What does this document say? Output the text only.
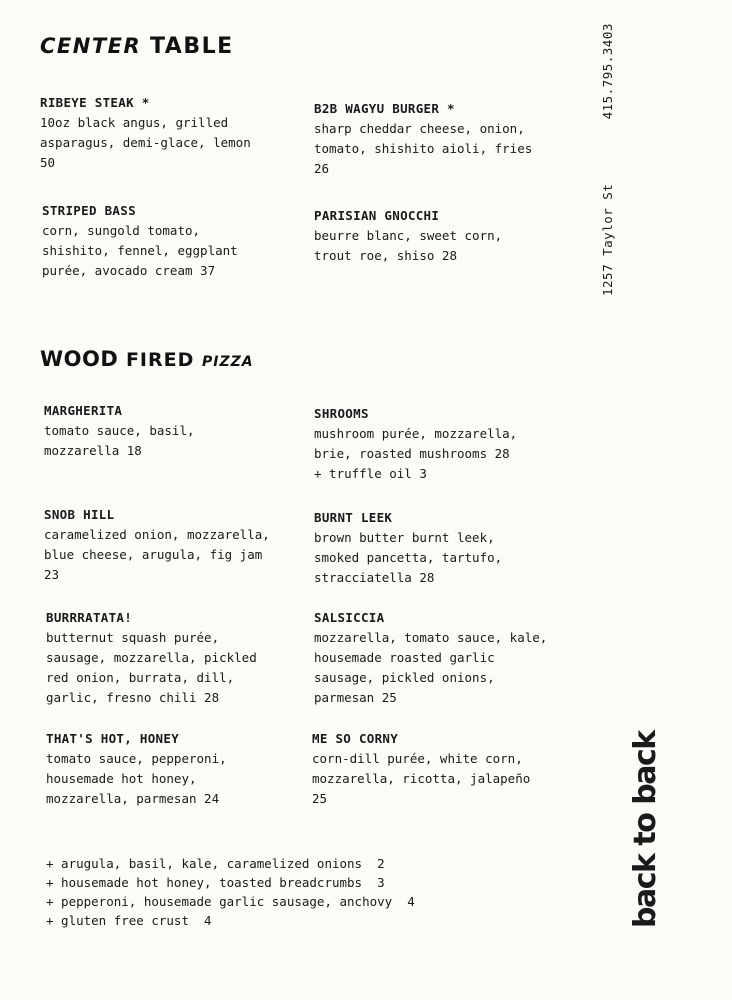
CENTER TABLE
RIBEYE STEAK *
10oz black angus, grilled
asparagus, demi-glace, lemon
50
B2B WAGYU BURGER *
sharp cheddar cheese, onion,
tomato, shishito aioli, fries
26
STRIPED BASS
corn, sungold tomato,
shishito, fennel, eggplant
purée, avocado cream 37
PARISIAN GNOCCHI
beurre blanc, sweet corn,
trout roe, shiso 28
WOOD FIRED PIZZA
MARGHERITA
tomato sauce, basil,
mozzarella 18
SHROOMS
mushroom purée, mozzarella,
brie, roasted mushrooms 28
+ truffle oil 3
SNOB HILL
caramelized onion, mozzarella,
blue cheese, arugula, fig jam
23
BURNT LEEK
brown butter burnt leek,
smoked pancetta, tartufo,
stracciatella 28
BURRRATATA!
butternut squash purée,
sausage, mozzarella, pickled
red onion, burrata, dill,
garlic, fresno chili 28
SALSICCIA
mozzarella, tomato sauce, kale,
housemade roasted garlic
sausage, pickled onions,
parmesan 25
THAT'S HOT, HONEY
tomato sauce, pepperoni,
housemade hot honey,
mozzarella, parmesan 24
ME SO CORNY
corn-dill purée, white corn,
mozzarella, ricotta, jalapeño
25
+ arugula, basil, kale, caramelized onions  2
+ housemade hot honey, toasted breadcrumbs  3
+ pepperoni, housemade garlic sausage, anchovy  4
+ gluten free crust  4
1257 Taylor St        415.795.3403
back to back
